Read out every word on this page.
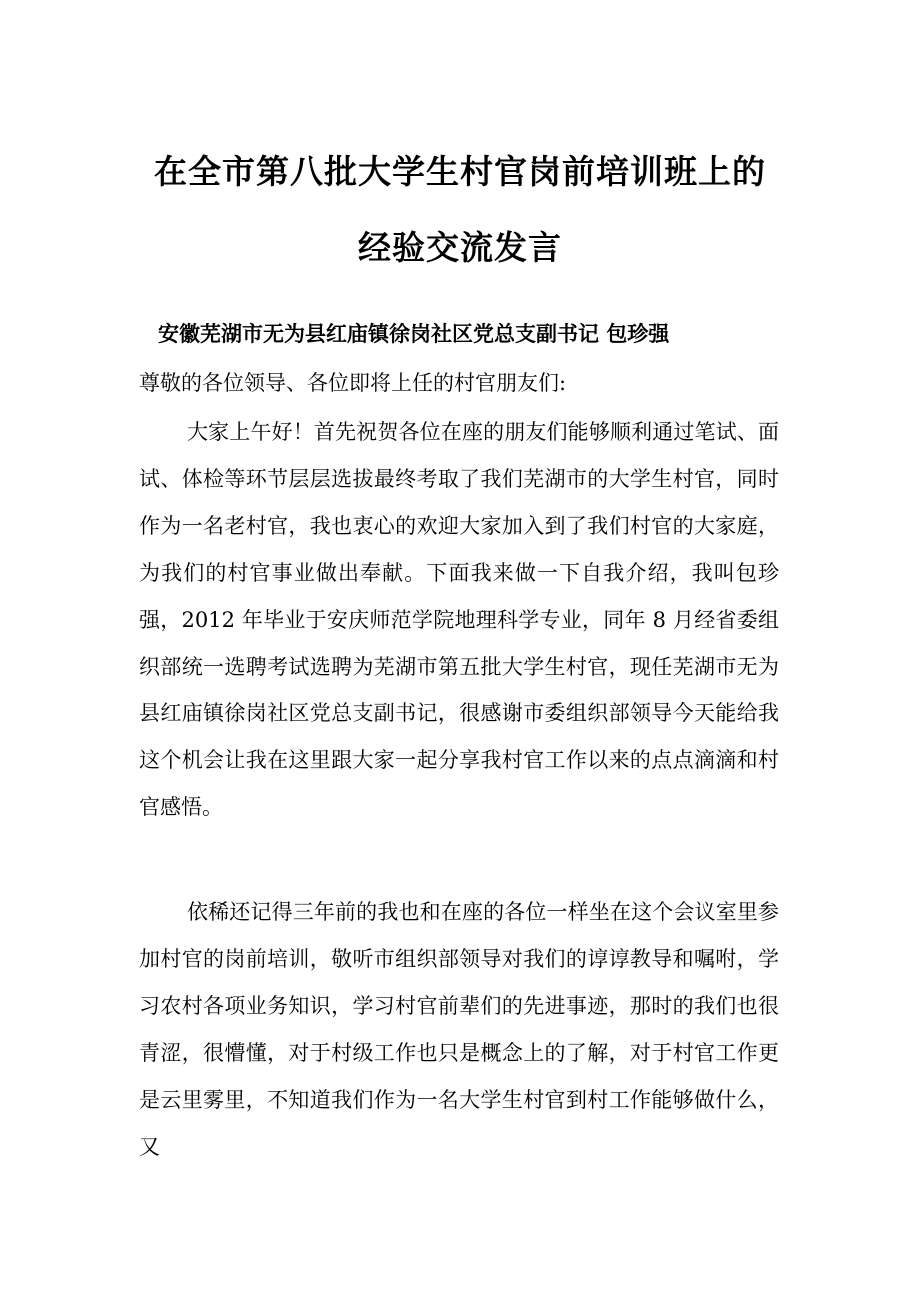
在全市第八批大学生村官岗前培训班上的
经验交流发言
安徽芜湖市无为县红庙镇徐岗社区党总支副书记 包珍强
尊敬的各位领导、各位即将上任的村官朋友们:

大家上午好！首先祝贺各位在座的朋友们能够顺利通过笔试、面试、体检等环节层层选拔最终考取了我们芜湖市的大学生村官，同时作为一名老村官，我也衷心的欢迎大家加入到了我们村官的大家庭，为我们的村官事业做出奉献。下面我来做一下自我介绍，我叫包珍强，2012 年毕业于安庆师范学院地理科学专业，同年 8 月经省委组织部统一选聘考试选聘为芜湖市第五批大学生村官，现任芜湖市无为县红庙镇徐岗社区党总支副书记，很感谢市委组织部领导今天能给我这个机会让我在这里跟大家一起分享我村官工作以来的点点滴滴和村官感悟。

依稀还记得三年前的我也和在座的各位一样坐在这个会议室里参加村官的岗前培训，敬听市组织部领导对我们的谆谆教导和嘱咐，学习农村各项业务知识，学习村官前辈们的先进事迹，那时的我们也很青涩，很懵懂，对于村级工作也只是概念上的了解，对于村官工作更是云里雾里，不知道我们作为一名大学生村官到村工作能够做什么，又
